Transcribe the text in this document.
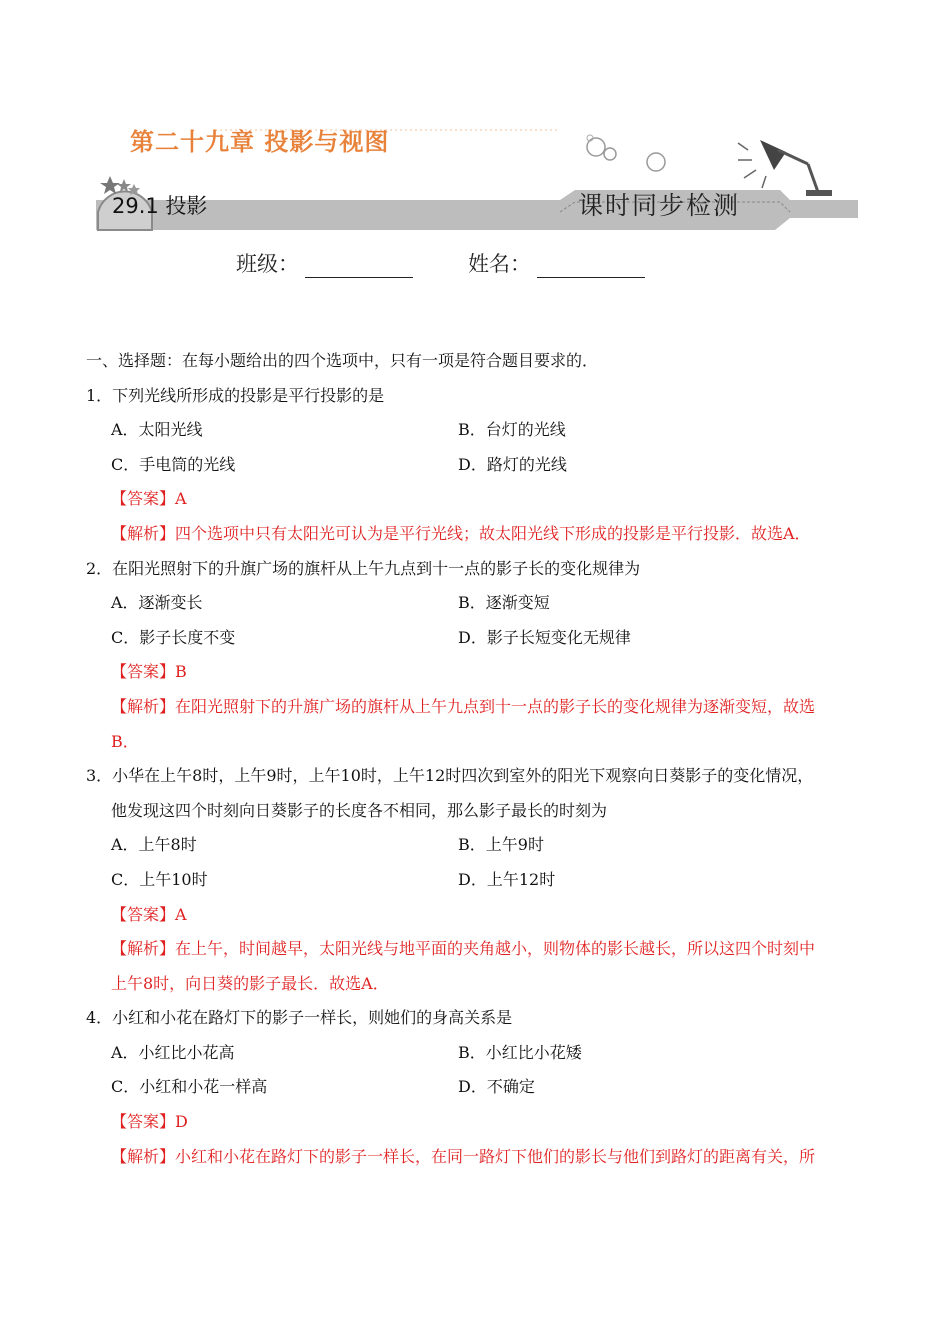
第二十九章 投影与视图
29.1 投影	课时同步检测
班级：	姓名：
一、选择题：在每小题给出的四个选项中，只有一项是符合题目要求的．
1．下列光线所形成的投影是平行投影的是
A．太阳光线	B．台灯的光线
C．手电筒的光线	D．路灯的光线
【答案】A
【解析】四个选项中只有太阳光可认为是平行光线；故太阳光线下形成的投影是平行投影．故选A．
2．在阳光照射下的升旗广场的旗杆从上午九点到十一点的影子长的变化规律为
A．逐渐变长	B．逐渐变短
C．影子长度不变	D．影子长短变化无规律
【答案】B
【解析】在阳光照射下的升旗广场的旗杆从上午九点到十一点的影子长的变化规律为逐渐变短，故选
B．
3．小华在上午8时，上午9时，上午10时，上午12时四次到室外的阳光下观察向日葵影子的变化情况，
他发现这四个时刻向日葵影子的长度各不相同，那么影子最长的时刻为
A．上午8时	B．上午9时
C．上午10时	D．上午12时
【答案】A
【解析】在上午，时间越早，太阳光线与地平面的夹角越小，则物体的影长越长，所以这四个时刻中
上午8时，向日葵的影子最长．故选A．
4．小红和小花在路灯下的影子一样长，则她们的身高关系是
A．小红比小花高	B．小红比小花矮
C．小红和小花一样高	D．不确定
【答案】D
【解析】小红和小花在路灯下的影子一样长，在同一路灯下他们的影长与他们到路灯的距离有关，所
